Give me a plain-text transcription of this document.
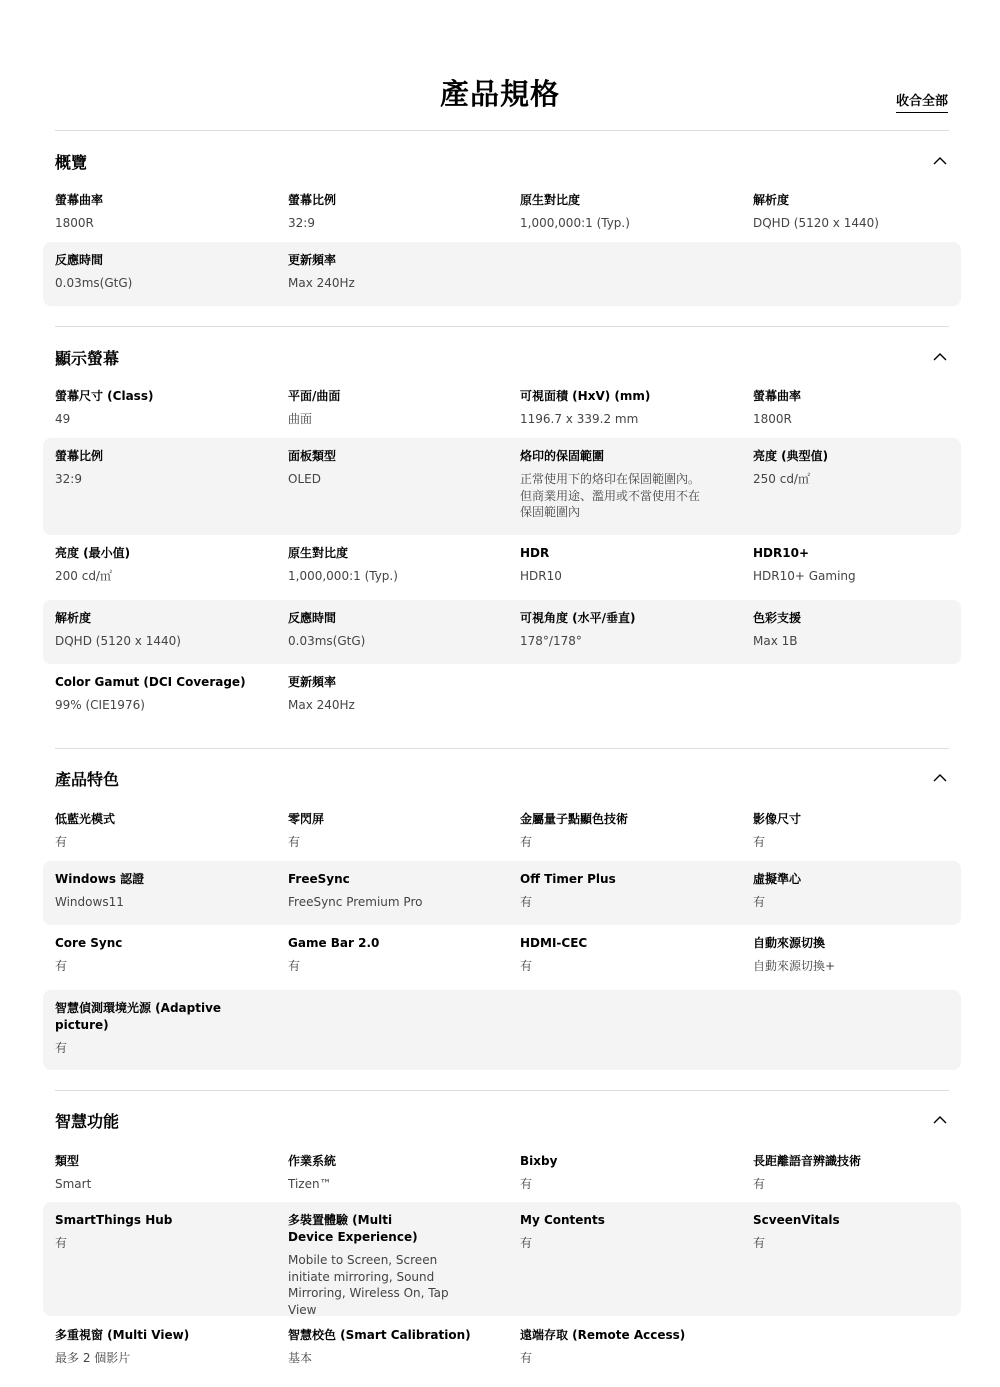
產品規格	收合全部
概覽
螢幕曲率
1800R
螢幕比例
32:9
原生對比度
1,000,000:1 (Typ.)
解析度
DQHD (5120 x 1440)
反應時間
0.03ms(GtG)
更新頻率
Max 240Hz
顯示螢幕
螢幕尺寸 (Class)
49
平面/曲面
曲面
可視面積 (HxV) (mm)
1196.7 x 339.2 mm
螢幕曲率
1800R
螢幕比例
32:9
面板類型
OLED
烙印的保固範圍
正常使用下的烙印在保固範圍內。但商業用途、濫用或不當使用不在保固範圍內
亮度 (典型值)
250 cd/㎡
亮度 (最小值)
200 cd/㎡
原生對比度
1,000,000:1 (Typ.)
HDR
HDR10
HDR10+
HDR10+ Gaming
解析度
DQHD (5120 x 1440)
反應時間
0.03ms(GtG)
可視角度 (水平/垂直)
178°/178°
色彩支援
Max 1B
Color Gamut (DCI Coverage)
99% (CIE1976)
更新頻率
Max 240Hz
產品特色
低藍光模式
有
零閃屏
有
金屬量子點顯色技術
有
影像尺寸
有
Windows 認證
Windows11
FreeSync
FreeSync Premium Pro
Off Timer Plus
有
虛擬準心
有
Core Sync
有
Game Bar 2.0
有
HDMI-CEC
有
自動來源切換
自動來源切換+
智慧偵測環境光源 (Adaptive picture)
有
智慧功能
類型
Smart
作業系統
Tizen™
Bixby
有
長距離語音辨識技術
有
SmartThings Hub
有
多裝置體驗 (Multi Device Experience)
Mobile to Screen, Screen initiate mirroring, Sound Mirroring, Wireless On, Tap View
My Contents
有
ScveenVitals
有
多重視窗 (Multi View)
最多 2 個影片
智慧校色 (Smart Calibration)
基本
遠端存取 (Remote Access)
有
